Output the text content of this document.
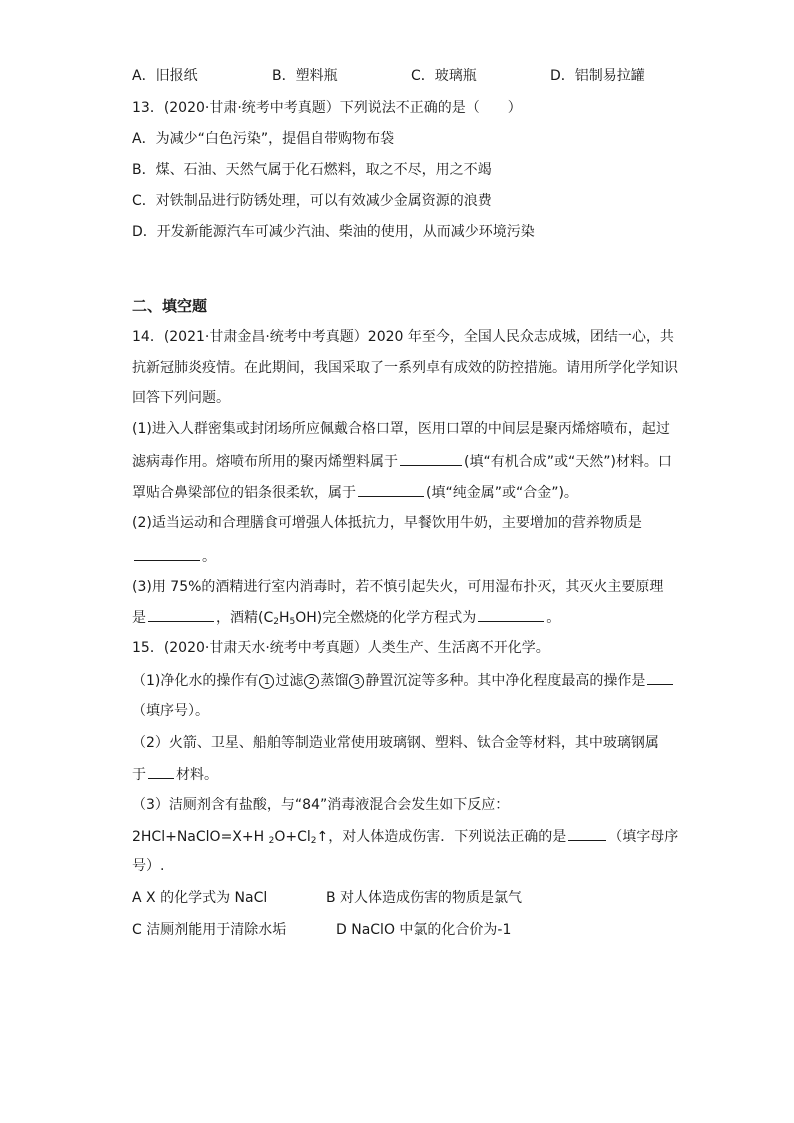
A．旧报纸	B．塑料瓶	C．玻璃瓶	D．铝制易拉罐
13．(2020·甘肃·统考中考真题）下列说法不正确的是（　　）
A．为减少“白色污染”，提倡自带购物布袋
B．煤、石油、天然气属于化石燃料，取之不尽，用之不竭
C．对铁制品进行防锈处理，可以有效减少金属资源的浪费
D．开发新能源汽车可减少汽油、柴油的使用，从而减少环境污染
二、填空题
14．(2021·甘肃金昌·统考中考真题）2020 年至今，全国人民众志成城，团结一心，共
抗新冠肺炎疫情。在此期间，我国采取了一系列卓有成效的防控措施。请用所学化学知识
回答下列问题。
(1)进入人群密集或封闭场所应佩戴合格口罩，医用口罩的中间层是聚丙烯熔喷布，起过
滤病毒作用。熔喷布所用的聚丙烯塑料属于	(填“有机合成”或“天然”)材料。口
罩贴合鼻梁部位的铝条很柔软，属于	(填“纯金属”或“合金”)。
(2)适当运动和合理膳食可增强人体抵抗力，早餐饮用牛奶，主要增加的营养物质是
。
(3)用 75%的酒精进行室内消毒时，若不慎引起失火，可用湿布扑灭，其灭火主要原理
是	，酒精$(C_2H_5OH)$完全燃烧的化学方程式为	。
15．(2020·甘肃天水·统考中考真题）人类生产、生活离不开化学。
（1)净化水的操作有 1 过滤 2 蒸馏 3 静置沉淀等多种。其中净化程度最高的操作是
（填序号）。
（2）火箭、卫星、船舶等制造业常使用玻璃钢、塑料、钛合金等材料，其中玻璃钢属
于 材料。
（3）洁厕剂含有盐酸，与“84”消毒液混合会发生如下反应：
2HCl+NaClO=X+H $_2O+Cl_2↑$，对人体造成伤害．下列说法正确的是	（填字母序
号）.
A X 的化学式为 NaCl	B 对人体造成伤害的物质是氯气
C 洁厕剂能用于清除水垢	D NaClO 中氯的化合价为-1
